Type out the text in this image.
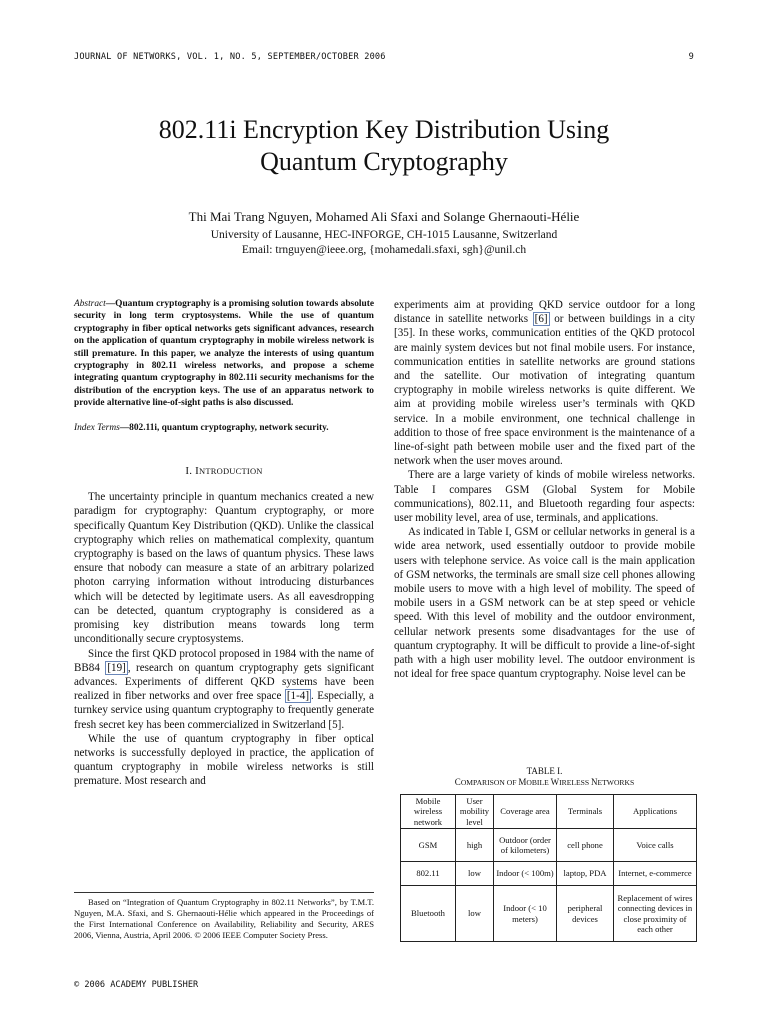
JOURNAL OF NETWORKS, VOL. 1, NO. 5, SEPTEMBER/OCTOBER 2006	9
802.11i Encryption Key Distribution Using
Quantum Cryptography
Thi Mai Trang Nguyen, Mohamed Ali Sfaxi and Solange Ghernaouti-Hélie
University of Lausanne, HEC-INFORGE, CH-1015 Lausanne, Switzerland
Email: trnguyen@ieee.org, {mohamedali.sfaxi, sgh}@unil.ch

Abstract—Quantum cryptography is a promising solution towards absolute security in long term cryptosystems. While the use of quantum cryptography in fiber optical networks gets significant advances, research on the application of quantum cryptography in mobile wireless network is still premature. In this paper, we analyze the interests of using quantum cryptography in 802.11 wireless networks, and propose a scheme integrating quantum cryptography in 802.11i security mechanisms for the distribution of the encryption keys. The use of an apparatus network to provide alternative line-of-sight paths is also discussed.

Index Terms—802.11i, quantum cryptography, network security.

I. INTRODUCTION

The uncertainty principle in quantum mechanics created a new paradigm for cryptography: Quantum cryptography, or more specifically Quantum Key Distribution (QKD). Unlike the classical cryptography which relies on mathematical complexity, quantum cryptography is based on the laws of quantum physics. These laws ensure that nobody can measure a state of an arbitrary polarized photon carrying information without introducing disturbances which will be detected by legitimate users. As all eavesdropping can be detected, quantum cryptography is considered as a promising key distribution means towards long term unconditionally secure cryptosystems.

Since the first QKD protocol proposed in 1984 with the name of BB84 [19] , research on quantum cryptography gets significant advances. Experiments of different QKD systems have been realized in fiber networks and over free space [1-4] . Especially, a turnkey service using quantum cryptography to frequently generate fresh secret key has been commercialized in Switzerland [5].

While the use of quantum cryptography in fiber optical networks is successfully deployed in practice, the application of quantum cryptography in mobile wireless networks is still premature. Most research and

Based on “Integration of Quantum Cryptography in 802.11 Networks”, by T.M.T. Nguyen, M.A. Sfaxi, and S. Ghernaouti-Hélie which appeared in the Proceedings of the First International Conference on Availability, Reliability and Security, ARES 2006, Vienna, Austria, April 2006. © 2006 IEEE Computer Society Press.

experiments aim at providing QKD service outdoor for a long distance in satellite networks [6] or between buildings in a city [35]. In these works, communication entities of the QKD protocol are mainly system devices but not final mobile users. For instance, communication entities in satellite networks are ground stations and the satellite. Our motivation of integrating quantum cryptography in mobile wireless networks is quite different. We aim at providing mobile wireless user’s terminals with QKD service. In a mobile environment, one technical challenge in addition to those of free space environment is the maintenance of a line-of-sight path between mobile user and the fixed part of the network when the user moves around.

There are a large variety of kinds of mobile wireless networks. Table I compares GSM (Global System for Mobile communications), 802.11, and Bluetooth regarding four aspects: user mobility level, area of use, terminals, and applications.

As indicated in Table I, GSM or cellular networks in general is a wide area network, used essentially outdoor to provide mobile users with telephone service. As voice call is the main application of GSM networks, the terminals are small size cell phones allowing mobile users to move with a high level of mobility. The speed of mobile users in a GSM network can be at step speed or vehicle speed. With this level of mobility and the outdoor environment, cellular network presents some disadvantages for the use of quantum cryptography. It will be difficult to provide a line-of-sight path with a high user mobility level. The outdoor environment is not ideal for free space quantum cryptography. Noise level can be

TABLE I.
COMPARISON OF MOBILE WIRELESS NETWORKS
Mobile wireless network	User mobility level	Coverage area	Terminals	Applications
GSM	high	Outdoor (order of kilometers)	cell phone	Voice calls
802.11	low	Indoor (< 100m)	laptop, PDA	Internet, e-commerce
Bluetooth	low	Indoor (< 10 meters)	peripheral devices	Replacement of wires connecting devices in close proximity of each other
© 2006 ACADEMY PUBLISHER
